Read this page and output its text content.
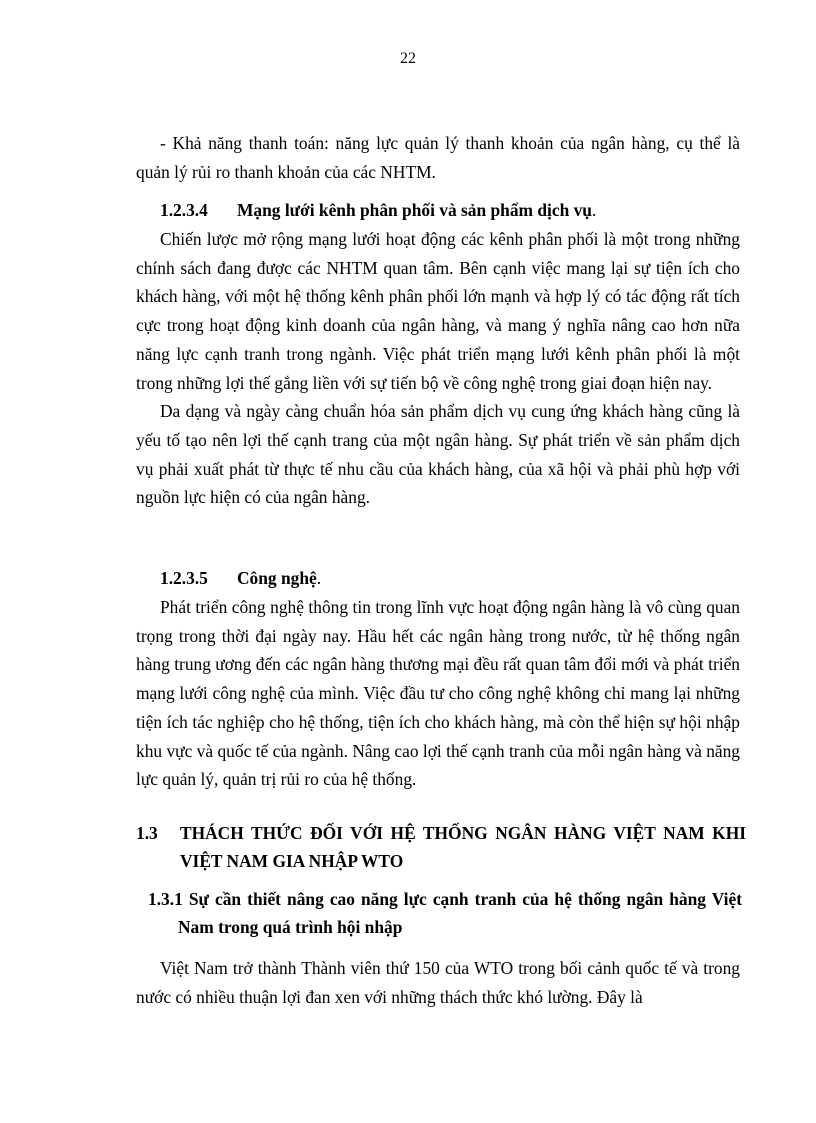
22

- Khả năng thanh toán: năng lực quản lý thanh khoản của ngân hàng, cụ thể là quản lý rủi ro thanh khoản của các NHTM.

1.2.3.4 Mạng lưới kênh phân phối và sản phẩm dịch vụ.

Chiến lược mở rộng mạng lưới hoạt động các kênh phân phối là một trong những chính sách đang được các NHTM quan tâm. Bên cạnh việc mang lại sự tiện ích cho khách hàng, với một hệ thống kênh phân phối lớn mạnh và hợp lý có tác động rất tích cực trong hoạt động kinh doanh của ngân hàng, và mang ý nghĩa nâng cao hơn nữa năng lực cạnh tranh trong ngành. Việc phát triển mạng lưới kênh phân phối là một trong những lợi thế gắng liền với sự tiến bộ về công nghệ trong giai đoạn hiện nay.

Da dạng và ngày càng chuẩn hóa sản phẩm dịch vụ cung ứng khách hàng cũng là yếu tố tạo nên lợi thế cạnh trang của một ngân hàng. Sự phát triển về sản phẩm dịch vụ phải xuất phát từ thực tế nhu cầu của khách hàng, của xã hội và phải phù hợp với nguồn lực hiện có của ngân hàng.

1.2.3.5 Công nghệ.

Phát triển công nghệ thông tin trong lĩnh vực hoạt động ngân hàng là vô cùng quan trọng trong thời đại ngày nay. Hầu hết các ngân hàng trong nước, từ hệ thống ngân hàng trung ương đến các ngân hàng thương mại đều rất quan tâm đổi mới và phát triển mạng lưới công nghệ của mình. Việc đầu tư cho công nghệ không chỉ mang lại những tiện ích tác nghiệp cho hệ thống, tiện ích cho khách hàng, mà còn thể hiện sự hội nhập khu vực và quốc tế của ngành. Nâng cao lợi thế cạnh tranh của mỗi ngân hàng và năng lực quản lý, quản trị rủi ro của hệ thống.

1.3 THÁCH THỨC ĐỐI VỚI HỆ THỐNG NGÂN HÀNG VIỆT NAM KHI
VIỆT NAM GIA NHẬP WTO
1.3.1 Sự cần thiết nâng cao năng lực cạnh tranh của hệ thống ngân hàng Việt
Nam trong quá trình hội nhập

Việt Nam trở thành Thành viên thứ 150 của WTO trong bối cảnh quốc tế và trong nước có nhiều thuận lợi đan xen với những thách thức khó lường. Đây là
